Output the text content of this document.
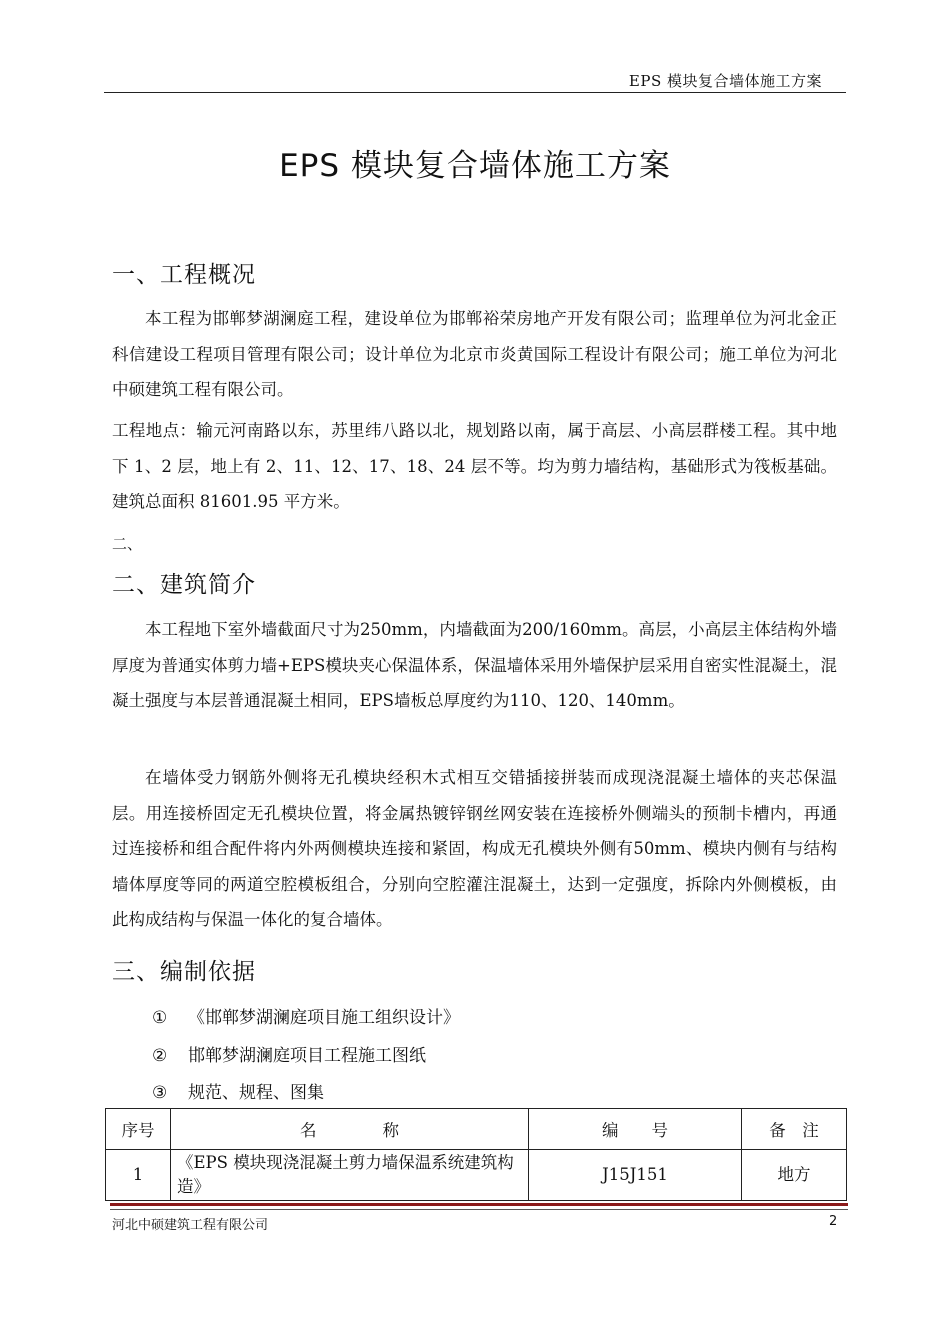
EPS 模块复合墙体施工方案
EPS 模块复合墙体施工方案
一、工程概况
本工程为邯郸梦湖澜庭工程，建设单位为邯郸裕荣房地产开发有限公司；监理单位为河北金正科信建设工程项目管理有限公司；设计单位为北京市炎黄国际工程设计有限公司；施工单位为河北中硕建筑工程有限公司。
工程地点：输元河南路以东，苏里纬八路以北，规划路以南，属于高层、小高层群楼工程。其中地下 1、2 层，地上有 2、11、12、17、18、24 层不等。均为剪力墙结构，基础形式为筏板基础。建筑总面积 81601.95 平方米。
二、
二、建筑简介
本工程地下室外墙截面尺寸为250mm，内墙截面为200/160mm。高层，小高层主体结构外墙厚度为普通实体剪力墙+EPS模块夹心保温体系，保温墙体采用外墙保护层采用自密实性混凝土，混凝土强度与本层普通混凝土相同，EPS墙板总厚度约为110、120、140mm。
在墙体受力钢筋外侧将无孔模块经积木式相互交错插接拼装而成现浇混凝土墙体的夹芯保温层。用连接桥固定无孔模块位置，将金属热镀锌钢丝网安装在连接桥外侧端头的预制卡槽内，再通过连接桥和组合配件将内外两侧模块连接和紧固，构成无孔模块外侧有50mm、模块内侧有与结构墙体厚度等同的两道空腔模板组合，分别向空腔灌注混凝土，达到一定强度，拆除内外侧模板，由此构成结构与保温一体化的复合墙体。
三、编制依据
① 《邯郸梦湖澜庭项目施工组织设计》
② 邯郸梦湖澜庭项目工程施工图纸
③ 规范、规程、图集
序号	名　　　　称	编　　号	备　注
1	《EPS 模块现浇混凝土剪力墙保温系统建筑构造》	J15J151	地方
河北中硕建筑工程有限公司	2
